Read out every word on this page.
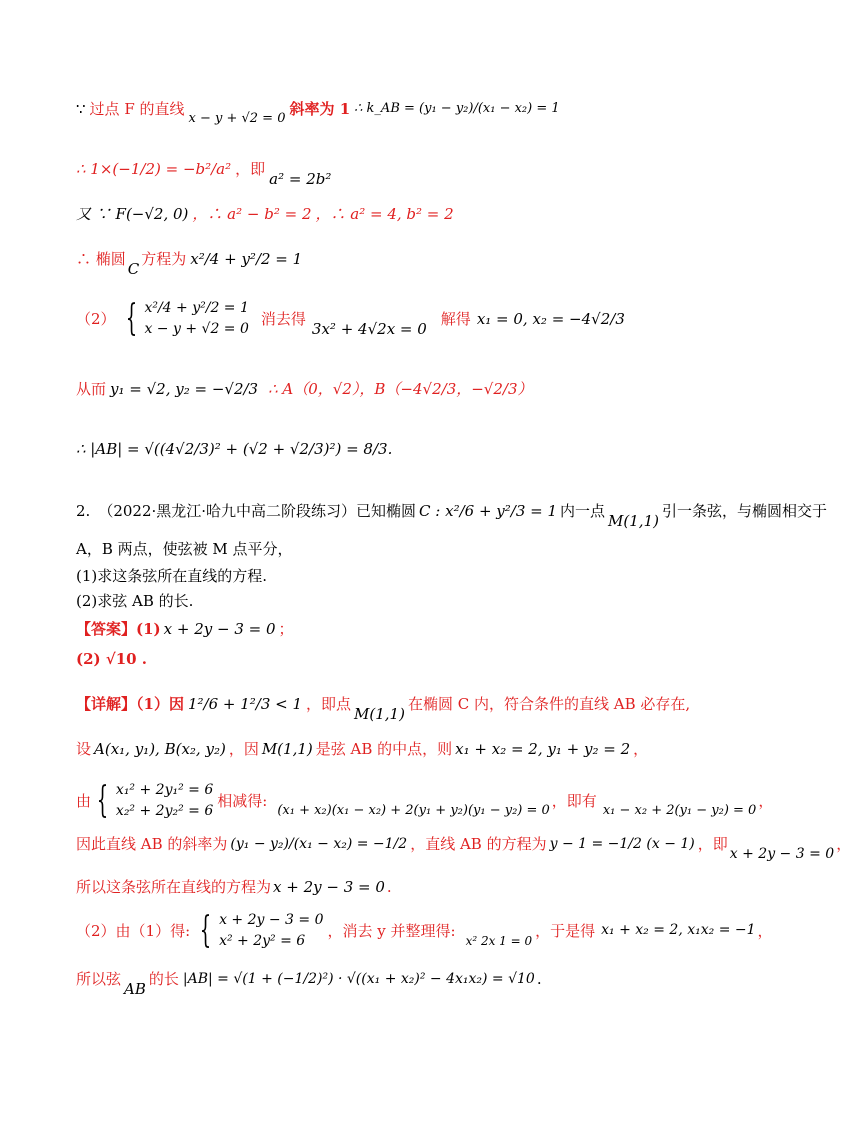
∵ 过点 F 的直线
x − y + √2 = 0
斜率为 1 ∴ k_AB = (y₁ − y₂)/(x₁ − x₂) = 1
∴ 1×(−1/2) = −b²/a² ，即
a² = 2b²
又 ∵ F(−√2, 0) ，∴ a² − b² = 2 ，∴ a² = 4, b² = 2
∴ 椭圆
C
方程为 x²/4 + y²/2 = 1
（2） { x²/4 + y²/2 = 1
x − y + √2 = 0
消去得
3x² + 4√2x = 0
解得 x₁ = 0, x₂ = −4√2/3
从而 y₁ = √2, y₂ = −√2/3 ∴ A（0，√2），B（−4√2/3，−√2/3）
∴ |AB| = √((4√2/3)² + (√2 + √2/3)²) = 8/3.
2. （2022·黑龙江·哈九中高二阶段练习） 已知椭圆 C : x²/6 + y²/3 = 1 内一点
M(1,1)
引一条弦，与椭圆相交于
A，B 两点，使弦被 M 点平分，
(1)求这条弦所在直线的方程.
(2)求弦 AB 的长.
【答案】(1) x + 2y − 3 = 0 ；
(2) √10 .
【详解】（1）因 1²/6 + 1²/3 < 1 ，即点
M(1,1)
在椭圆 C 内，符合条件的直线 AB 必存在,
设 A(x₁, y₁), B(x₂, y₂) ，因 M(1,1) 是弦 AB 的中点，则 x₁ + x₂ = 2, y₁ + y₂ = 2 ，
由 { x₁² + 2y₁² = 6
x₂² + 2y₂² = 6
相减得:
(x₁ + x₂)(x₁ − x₂) + 2(y₁ + y₂)(y₁ − y₂) = 0
，即有
x₁ − x₂ + 2(y₁ − y₂) = 0
，
因此直线 AB 的斜率为 (y₁ − y₂)/(x₁ − x₂) = −1/2 ，直线 AB 的方程为 y − 1 = −1/2 (x − 1) ，即
x + 2y − 3 = 0
，
所以这条弦所在直线的方程为 x + 2y − 3 = 0 .
（2）由（1）得: { x + 2y − 3 = 0
x² + 2y² = 6
，消去 y 并整理得:
x² 2x 1 = 0
，于是得 x₁ + x₂ = 2, x₁x₂ = −1 ，
所以弦
AB
的长 |AB| = √(1 + (−1/2)²) · √((x₁ + x₂)² − 4x₁x₂) = √10 .
